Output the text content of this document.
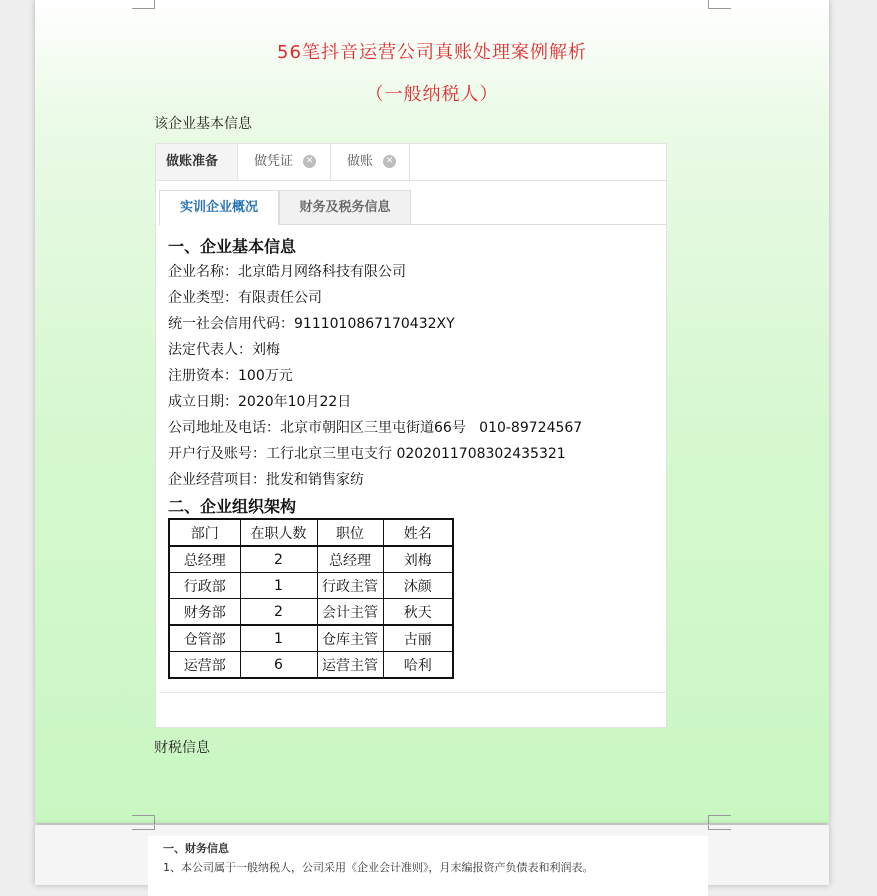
56笔抖音运营公司真账处理案例解析
（一般纳税人）
该企业基本信息
财税信息
做账准备	做凭证 ✕	做账 ✕
实训企业概况	财务及税务信息
一、企业基本信息
企业名称：北京皓月网络科技有限公司
企业类型：有限责任公司
统一社会信用代码：9111010867170432XY
法定代表人：刘梅
注册资本：100万元
成立日期：2020年10月22日
公司地址及电话：北京市朝阳区三里屯街道66号   010-89724567
开户行及账号：工行北京三里屯支行 0202011708302435321
企业经营项目：批发和销售家纺
二、企业组织架构
部门	在职人数	职位	姓名
总经理	2	总经理	刘梅
行政部	1	行政主管	沐颜
财务部	2	会计主管	秋天
仓管部	1	仓库主管	古丽
运营部	6	运营主管	哈利
一、财务信息
1、本公司属于一般纳税人，公司采用《企业会计准则》，月末编报资产负债表和利润表。
